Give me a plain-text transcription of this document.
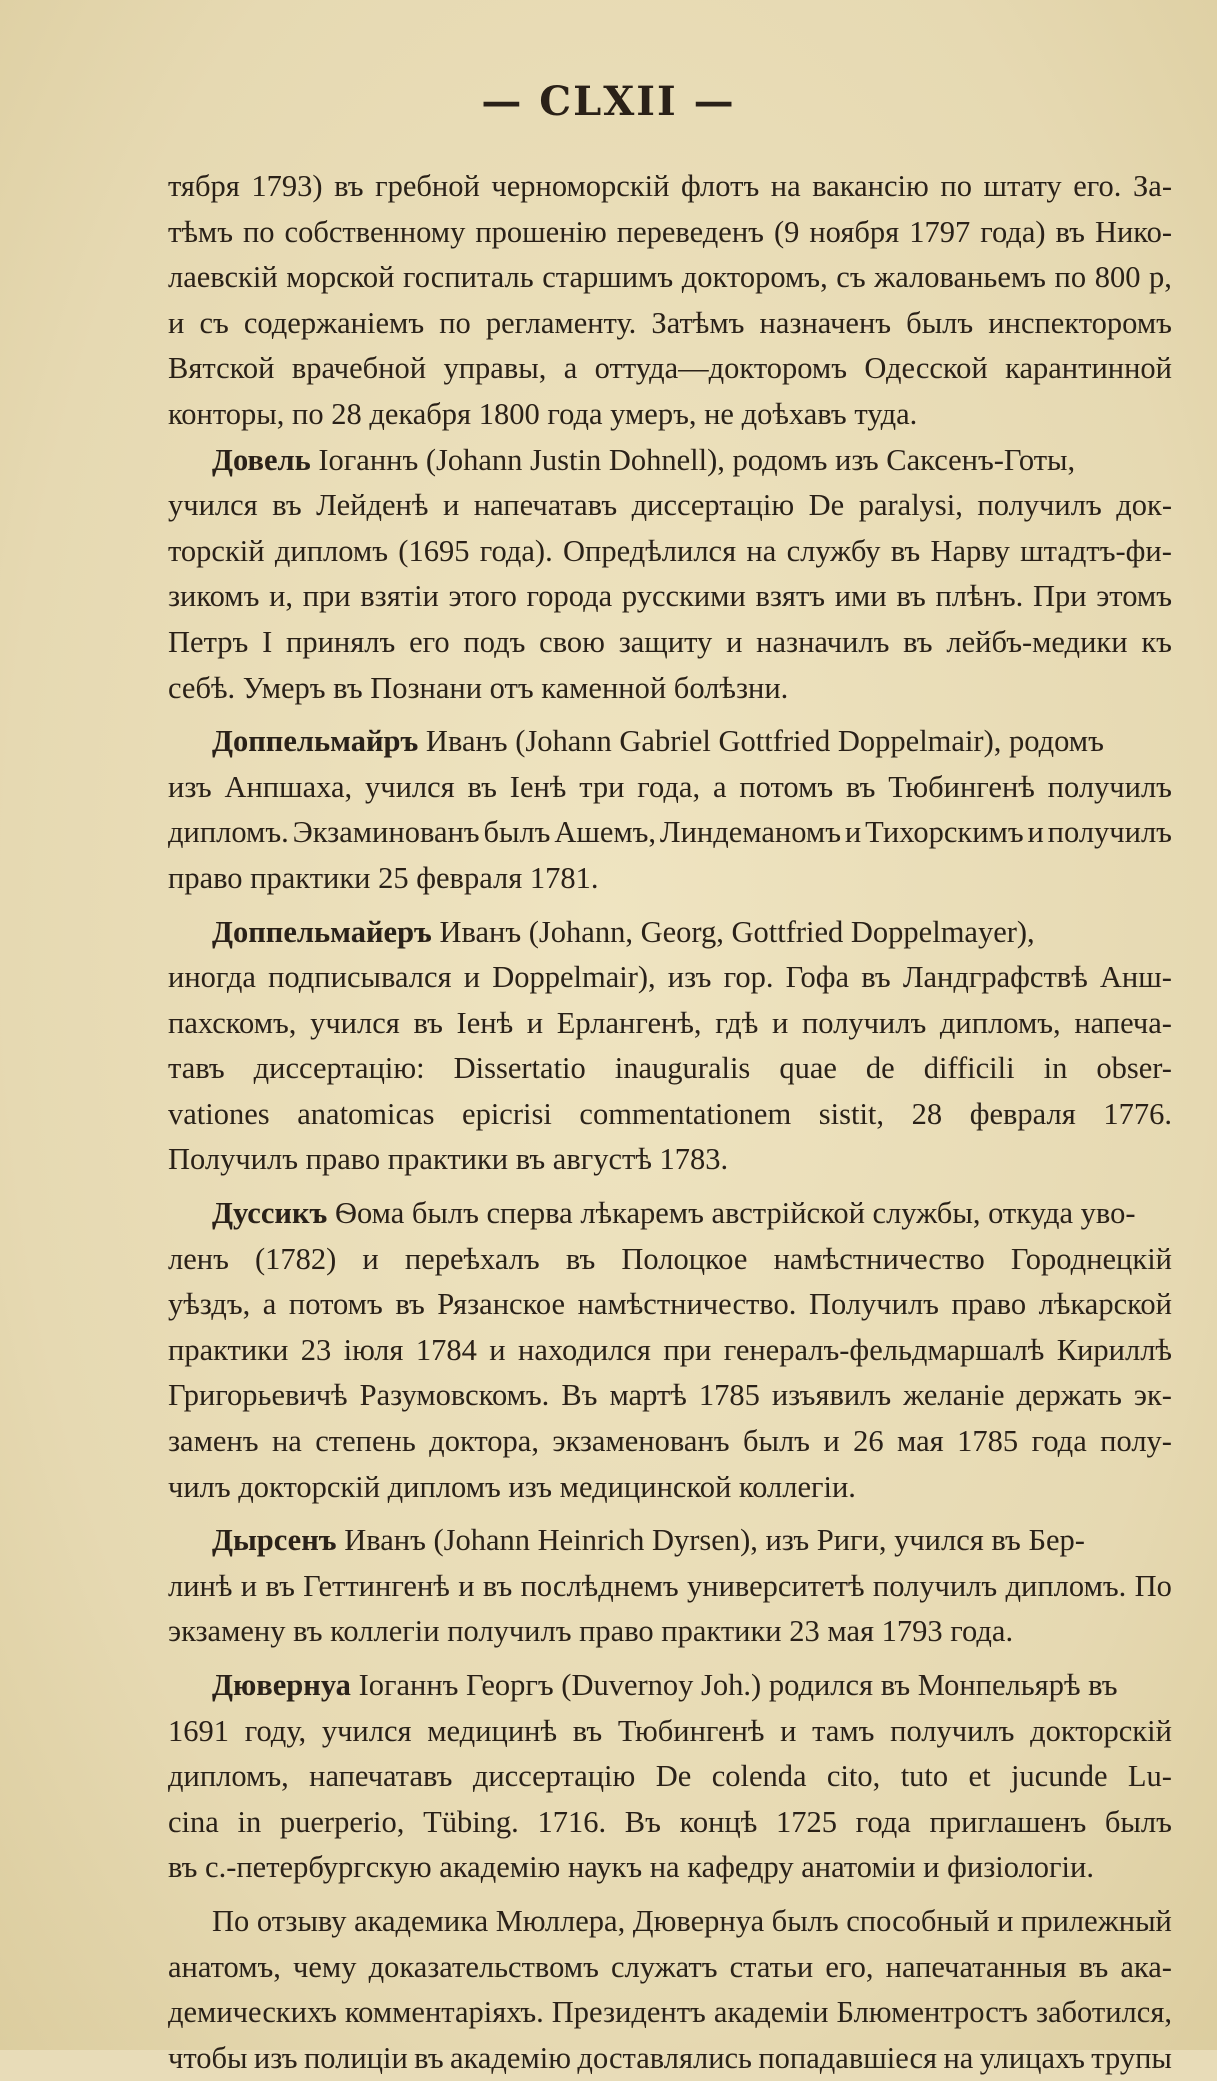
— CLXII —
тября 1793) въ гребной черноморскій флотъ на вакансію по штату его. За-
тѣмъ по собственному прошенію переведенъ (9 ноября 1797 года) въ Нико-
лаевскій морской госпиталь старшимъ докторомъ, съ жалованьемъ по 800 р,
и съ содержаніемъ по регламенту. Затѣмъ назначенъ былъ инспекторомъ
Вятской врачебной управы, а оттуда—докторомъ Одесской карантинной
конторы, по 28 декабря 1800 года умеръ, не доѣхавъ туда.
Довель Іоганнъ (Johann Justin Dohnell), родомъ изъ Саксенъ-Готы,
учился въ Лейденѣ и напечатавъ диссертацію De paralysi, получилъ док-
торскій дипломъ (1695 года). Опредѣлился на службу въ Нарву штадтъ-фи-
зикомъ и, при взятіи этого города русскими взятъ ими въ плѣнъ. При этомъ
Петръ I принялъ его подъ свою защиту и назначилъ въ лейбъ-медики къ
себѣ. Умеръ въ Познани отъ каменной болѣзни.
Доппельмайръ Иванъ (Johann Gabriel Gottfried Doppelmair), родомъ
изъ Анпшаха, учился въ Іенѣ три года, а потомъ въ Тюбингенѣ получилъ
дипломъ. Экзаминованъ былъ Ашемъ, Линдеманомъ и Тихорскимъ и получилъ
право практики 25 февраля 1781.
Доппельмайеръ Иванъ (Johann, Georg, Gottfried Doppelmayer),
иногда подписывался и Doppelmair), изъ гор. Гофа въ Ландграфствѣ Анш-
пахскомъ, учился въ Іенѣ и Ерлангенѣ, гдѣ и получилъ дипломъ, напеча-
тавъ диссертацію: Dissertatio inauguralis quae de difficili in obser-
vationes anatomicas epicrisi commentationem sistit, 28 февраля 1776.
Получилъ право практики въ августѣ 1783.
Дуссикъ Ѳома былъ сперва лѣкаремъ австрійской службы, откуда уво-
ленъ (1782) и переѣхалъ въ Полоцкое намѣстничество Городнецкій
уѣздъ, а потомъ въ Рязанское намѣстничество. Получилъ право лѣкарской
практики 23 іюля 1784 и находился при генералъ-фельдмаршалѣ Кириллѣ
Григорьевичѣ Разумовскомъ. Въ мартѣ 1785 изъявилъ желаніе держать эк-
заменъ на степень доктора, экзаменованъ былъ и 26 мая 1785 года полу-
чилъ докторскій дипломъ изъ медицинской коллегіи.
Дырсенъ Иванъ (Johann Heinrich Dyrsen), изъ Риги, учился въ Бер-
линѣ и въ Геттингенѣ и въ послѣднемъ университетѣ получилъ дипломъ. По
экзамену въ коллегіи получилъ право практики 23 мая 1793 года.
Дювернуа Іоганнъ Георгъ (Duvernoy Joh.) родился въ Монпельярѣ въ
1691 году, учился медицинѣ въ Тюбингенѣ и тамъ получилъ докторскій
дипломъ, напечатавъ диссертацію De colenda cito, tuto et jucunde Lu-
cina in puerperio, Tübing. 1716. Въ концѣ 1725 года приглашенъ былъ
въ с.-петербургскую академію наукъ на кафедру анатоміи и физіологіи.
По отзыву академика Мюллера, Дювернуа былъ способный и прилежный
анатомъ, чему доказательствомъ служатъ статьи его, напечатанныя въ ака-
демическихъ комментаріяхъ. Президентъ академіи Блюментростъ заботился,
чтобы изъ полиціи въ академію доставлялись попадавшіеся на улицахъ трупы
